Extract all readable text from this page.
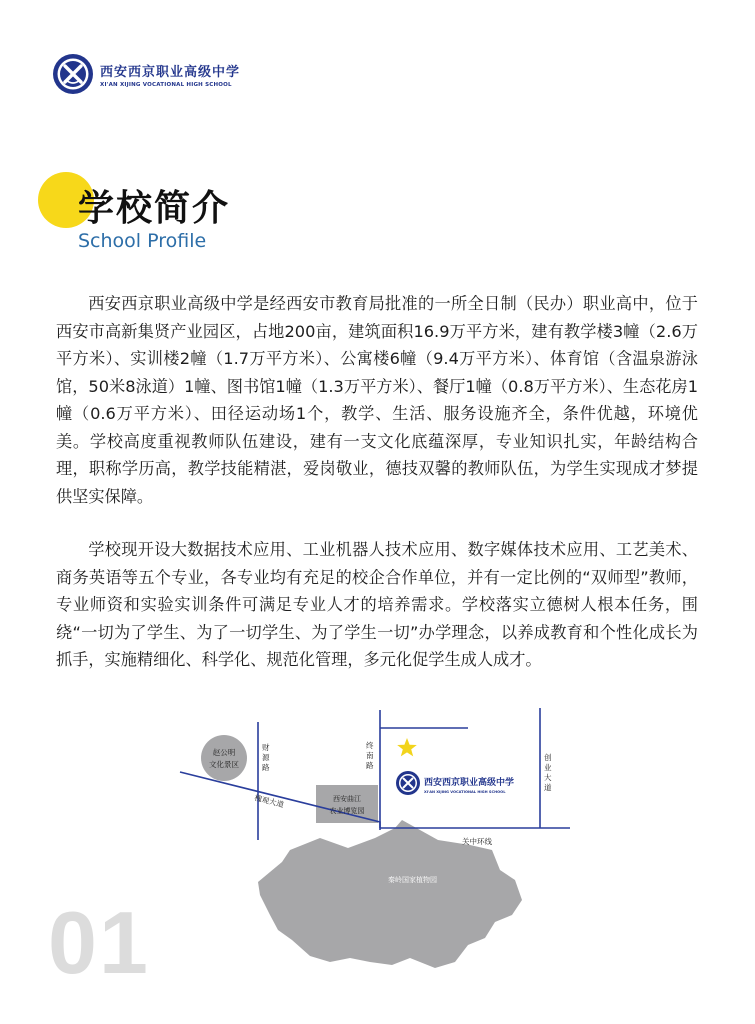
西安西京职业高级中学
XI'AN XIJING VOCATIONAL HIGH SCHOOL
学校简介
School Profile

西安西京职业高级中学是经西安市教育局批准的一所全日制（民办）职业高中，位于西安市高新集贤产业园区，占地200亩，建筑面积16.9万平方米，建有教学楼3幢（2.6万平方米）、实训楼2幢（1.7万平方米）、公寓楼6幢（9.4万平方米）、体育馆（含温泉游泳馆，50米8泳道）1幢、图书馆1幢（1.3万平方米）、餐厅1幢（0.8万平方米）、生态花房1幢（0.6万平方米）、田径运动场1个，教学、生活、服务设施齐全，条件优越，环境优美。学校高度重视教师队伍建设，建有一支文化底蕴深厚，专业知识扎实，年龄结构合理，职称学历高，教学技能精湛，爱岗敬业，德技双馨的教师队伍，为学生实现成才梦提供坚实保障。

学校现开设大数据技术应用、工业机器人技术应用、数字媒体技术应用、工艺美术、商务英语等五个专业，各专业均有充足的校企合作单位，并有一定比例的“双师型”教师，专业师资和实验实训条件可满足专业人才的培养需求。学校落实立德树人根本任务，围绕“一切为了学生、为了一切学生、为了学生一切”办学理念，以养成教育和个性化成长为抓手，实施精细化、科学化、规范化管理，多元化促学生成人成才。

赵公明
文化景区
财源路
终南路
创业大道
槐观大道	西安曲江
农业博览园
关中环线
秦岭国家植物园
西安西京职业高级中学
XI'AN XIJING VOCATIONAL HIGH SCHOOL
01
